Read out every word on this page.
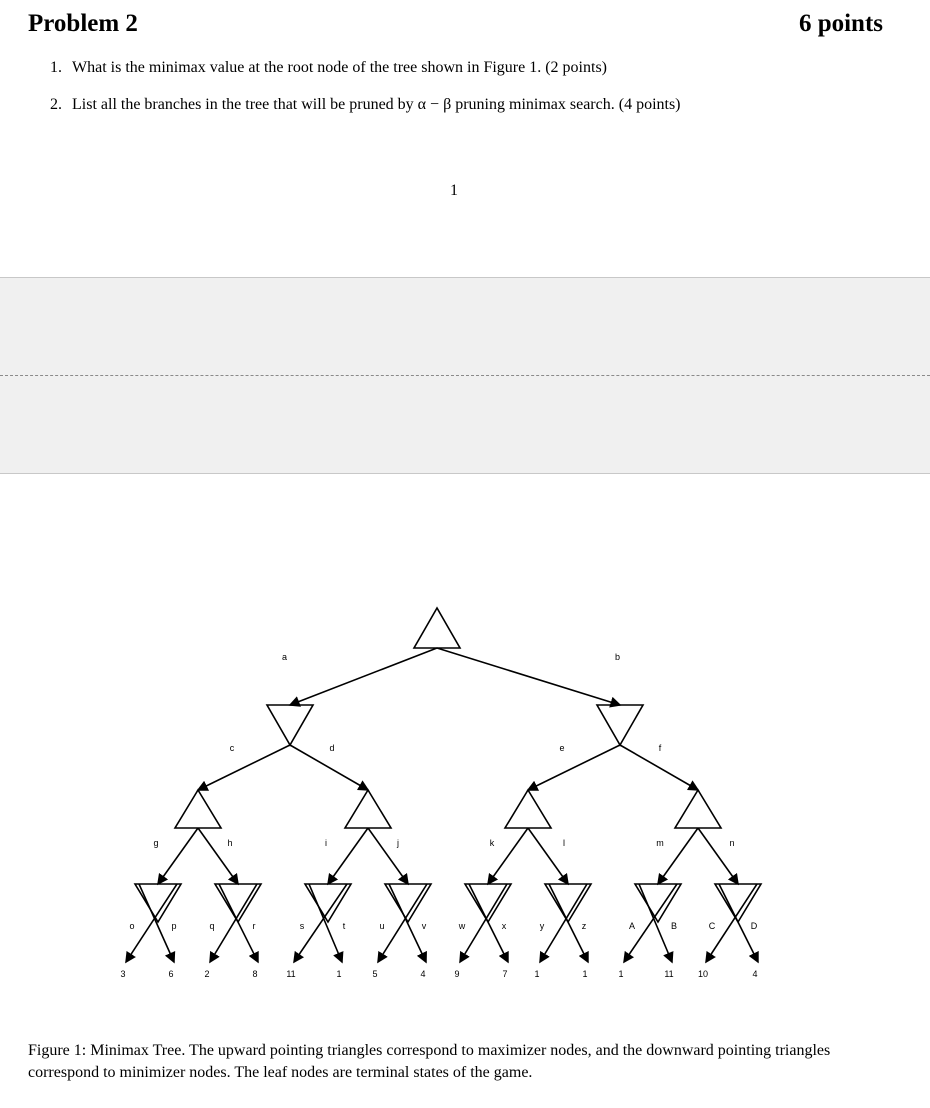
Problem 2	6 points
1. What is the minimax value at the root node of the tree shown in Figure 1. (2 points)
2. List all the branches in the tree that will be pruned by α − β pruning minimax search. (4 points)
1
a	b
c	d	e	f
g	h	i	j	k	l	m	n
o	p	q	r	s	t	u	v	w	x	y	z	A	B	C	D
3	6	2	8	11	1	5	4	9	7	1	1	1	11	10	4
Figure 1: Minimax Tree. The upward pointing triangles correspond to maximizer nodes, and the downward pointing triangles correspond to minimizer nodes. The leaf nodes are terminal states of the game.
